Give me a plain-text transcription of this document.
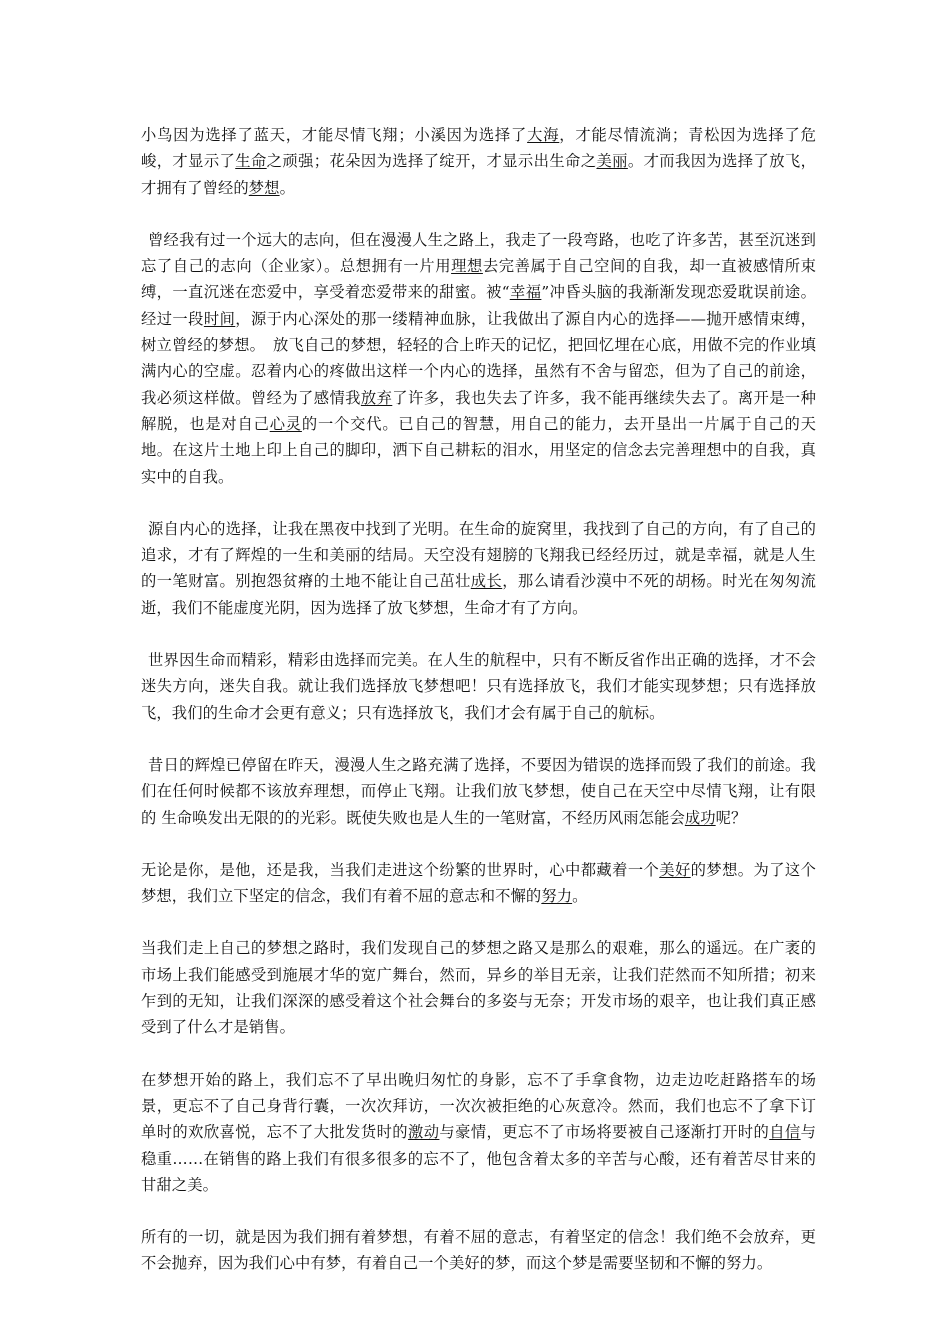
小鸟因为选择了蓝天，才能尽情飞翔；小溪因为选择了大海，才能尽情流淌；青松因为选择了危峻，才显示了生命之顽强；花朵因为选择了绽开，才显示出生命之美丽。才而我因为选择了放飞，才拥有了曾经的梦想。

曾经我有过一个远大的志向，但在漫漫人生之路上，我走了一段弯路，也吃了许多苦，甚至沉迷到忘了自己的志向（企业家）。总想拥有一片用理想去完善属于自己空间的自我，却一直被感情所束缚，一直沉迷在恋爱中，享受着恋爱带来的甜蜜。被“幸福”冲昏头脑的我渐渐发现恋爱耽误前途。经过一段时间，源于内心深处的那一缕精神血脉，让我做出了源自内心的选择——抛开感情束缚，树立曾经的梦想。　放飞自己的梦想，轻轻的合上昨天的记忆，把回忆埋在心底，用做不完的作业填满内心的空虚。忍着内心的疼做出这样一个内心的选择，虽然有不舍与留恋，但为了自己的前途，我必须这样做。曾经为了感情我放弃了许多，我也失去了许多，我不能再继续失去了。离开是一种解脱，也是对自己心灵的一个交代。已自己的智慧，用自己的能力，去开垦出一片属于自己的天地。在这片土地上印上自己的脚印，洒下自己耕耘的泪水，用坚定的信念去完善理想中的自我，真实中的自我。

源自内心的选择，让我在黑夜中找到了光明。在生命的旋窝里，我找到了自己的方向，有了自己的追求，才有了辉煌的一生和美丽的结局。天空没有翅膀的飞翔我已经经历过，就是幸福，就是人生的一笔财富。别抱怨贫瘠的土地不能让自己茁壮成长，那么请看沙漠中不死的胡杨。时光在匆匆流逝，我们不能虚度光阴，因为选择了放飞梦想，生命才有了方向。

世界因生命而精彩，精彩由选择而完美。在人生的航程中，只有不断反省作出正确的选择，才不会迷失方向，迷失自我。就让我们选择放飞梦想吧！只有选择放飞，我们才能实现梦想；只有选择放飞，我们的生命才会更有意义；只有选择放飞，我们才会有属于自己的航标。

昔日的辉煌已停留在昨天，漫漫人生之路充满了选择，不要因为错误的选择而毁了我们的前途。我们在任何时候都不该放弃理想，而停止飞翔。让我们放飞梦想，使自己在天空中尽情飞翔，让有限的 生命唤发出无限的的光彩。既使失败也是人生的一笔财富，不经历风雨怎能会成功呢？

无论是你，是他，还是我，当我们走进这个纷繁的世界时，心中都藏着一个美好的梦想。为了这个梦想，我们立下坚定的信念，我们有着不屈的意志和不懈的努力。

当我们走上自己的梦想之路时，我们发现自己的梦想之路又是那么的艰难，那么的遥远。在广袤的市场上我们能感受到施展才华的宽广舞台，然而，异乡的举目无亲，让我们茫然而不知所措；初来乍到的无知，让我们深深的感受着这个社会舞台的多姿与无奈；开发市场的艰辛，也让我们真正感受到了什么才是销售。

在梦想开始的路上，我们忘不了早出晚归匆忙的身影，忘不了手拿食物，边走边吃赶路搭车的场景，更忘不了自己身背行囊，一次次拜访，一次次被拒绝的心灰意冷。然而，我们也忘不了拿下订单时的欢欣喜悦，忘不了大批发货时的激动与豪情，更忘不了市场将要被自己逐渐打开时的自信与稳重……在销售的路上我们有很多很多的忘不了，他包含着太多的辛苦与心酸，还有着苦尽甘来的甘甜之美。

所有的一切，就是因为我们拥有着梦想，有着不屈的意志，有着坚定的信念！我们绝不会放弃，更不会抛弃，因为我们心中有梦，有着自己一个美好的梦，而这个梦是需要坚韧和不懈的努力。
